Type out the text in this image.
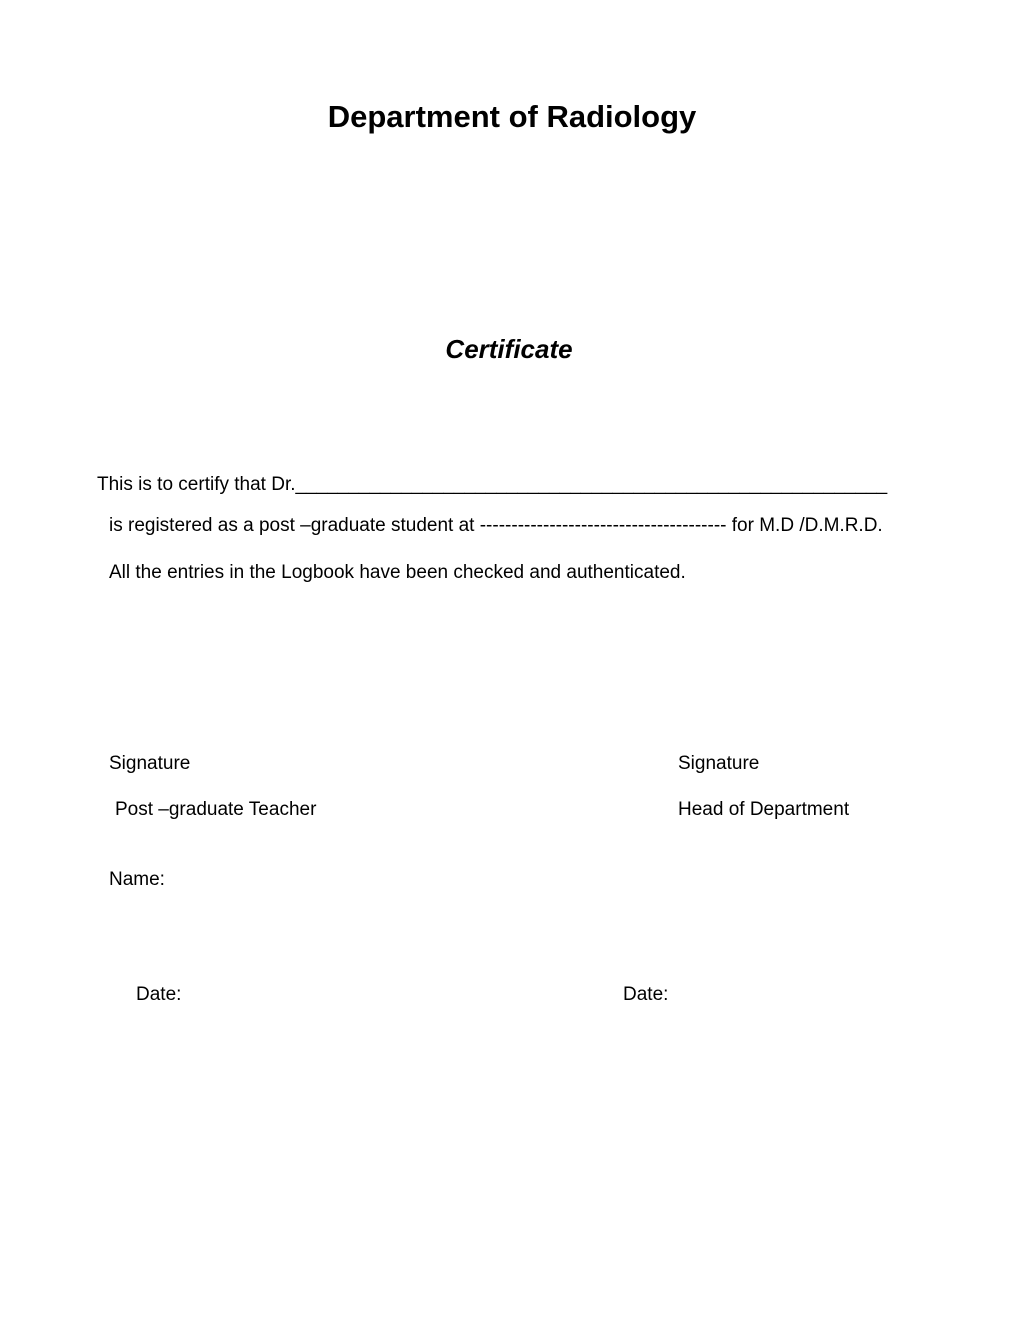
Department of Radiology
Certificate
This is to certify that Dr.________________________________________________________
is registered as a post –graduate student at --------------------------------------- for M.D /D.M.R.D.
All the entries in the Logbook have been checked and authenticated.
Signature
Post –graduate Teacher
Name:
Date:
Signature
Head of Department
Date:
